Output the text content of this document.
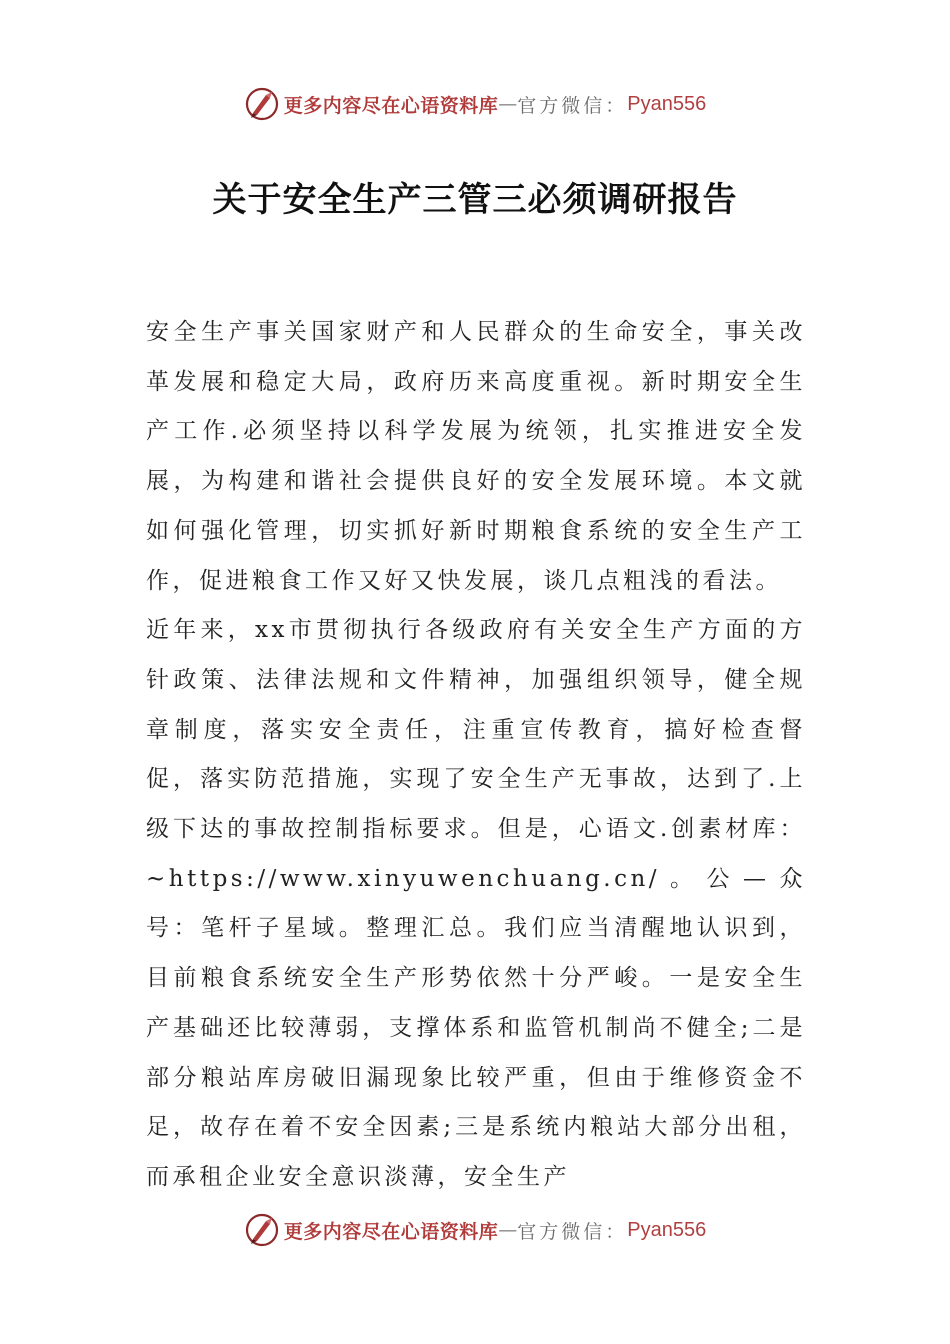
更多内容尽在心语资料库 — 官方微信： Pyan556
关于安全生产三管三必须调研报告

安全生产事关国家财产和人民群众的生命安全，事关改革发展和稳定大局，政府历来高度重视。新时期安全生产工作.必须坚持以科学发展为统领，扎实推进安全发展，为构建和谐社会提供良好的安全发展环境。本文就如何强化管理，切实抓好新时期粮食系统的安全生产工作，促进粮食工作又好又快发展，谈几点粗浅的看法。

近年来，xx市贯彻执行各级政府有关安全生产方面的方针政策、法律法规和文件精神，加强组织领导，健全规章制度，落实安全责任，注重宣传教育，搞好检查督促，落实防范措施，实现了安全生产无事故，达到了.上级下达的事故控制指标要求。但是，心语文.创素材库：~https://www.xinyuwenchuang.cn/。公—众号：笔杆子星域。整理汇总。我们应当清醒地认识到，目前粮食系统安全生产形势依然十分严峻。一是安全生产基础还比较薄弱，支撑体系和监管机制尚不健全;二是部分粮站库房破旧漏现象比较严重，但由于维修资金不足，故存在着不安全因素;三是系统内粮站大部分出租，而承租企业安全意识淡薄，安全生产

更多内容尽在心语资料库 — 官方微信： Pyan556
